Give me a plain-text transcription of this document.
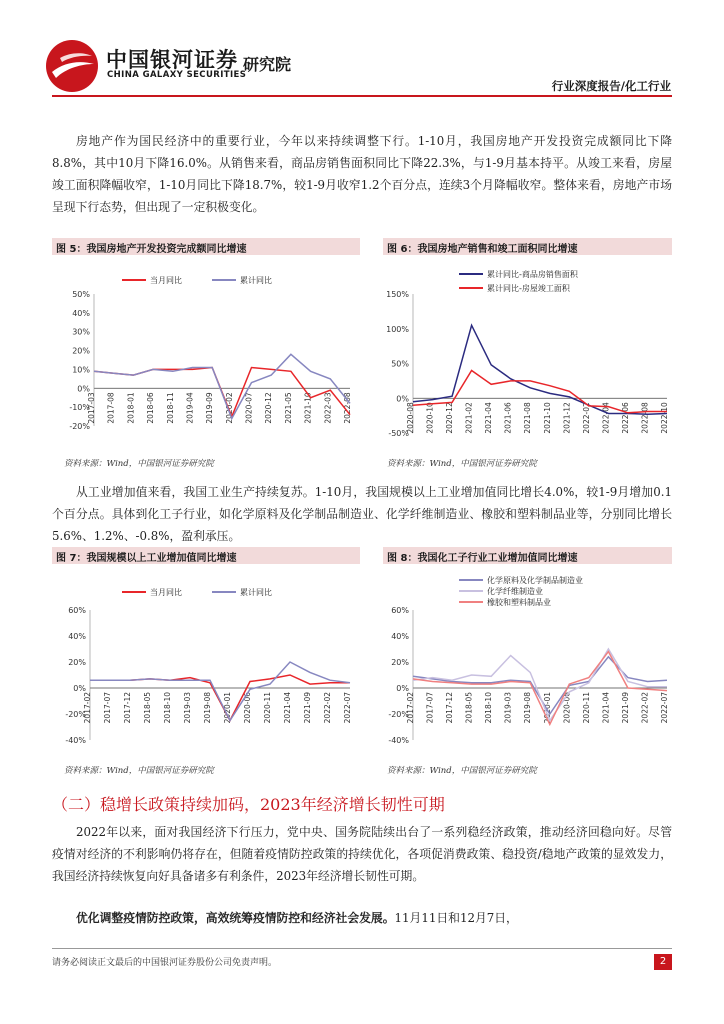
中国银河证券
CHINA GALAXY SECURITIES
研究院
行业深度报告/化工行业
房地产作为国民经济中的重要行业，今年以来持续调整下行。1-10月，我国房地产开发投资完成额同比下降8.8%，其中10月下降16.0%。从销售来看，商品房销售面积同比下降22.3%，与1-9月基本持平。从竣工来看，房屋竣工面积降幅收窄，1-10月同比下降18.7%，较1-9月收窄1.2个百分点，连续3个月降幅收窄。整体来看，房地产市场呈现下行态势，但出现了一定积极变化。
图 5：我国房地产开发投资完成额同比增速	图 6：我国房地产销售和竣工面积同比增速
-20%
-10%
0%
10%
20%
30%
40%
50%
2017-03 2017-08 2018-01 2018-06 2018-11 2019-04 2019-09 2020-02 2020-07 2020-12 2021-05 2021-10 2022-03 2022-08
当月同比	累计同比
-50%
0%
50%
100%
150%
2020-08 2020-10 2020-12 2021-02 2021-04 2021-06 2021-08 2021-10 2021-12 2022-02 2022-04 2022-06 2022-08 2022-10
累计同比-商品房销售面积
累计同比-房屋竣工面积
资料来源：Wind，中国银河证券研究院	资料来源：Wind，中国银河证券研究院
从工业增加值来看，我国工业生产持续复苏。1-10月，我国规模以上工业增加值同比增长4.0%，较1-9月增加0.1个百分点。具体到化工子行业，如化学原料及化学制品制造业、化学纤维制造业、橡胶和塑料制品业等，分别同比增长5.6%、1.2%、-0.8%，盈利承压。
图 7：我国规模以上工业增加值同比增速	图 8：我国化工子行业工业增加值同比增速
-40%
-20%
0%
20%
40%
60%
2017-02 2017-07 2017-12 2018-05 2018-10 2019-03 2019-08 2020-01 2020-06 2020-11 2021-04 2021-09 2022-02 2022-07
当月同比	累计同比
-40%
-20%
0%
20%
40%
60%
2017-02 2017-07 2017-12 2018-05 2018-10 2019-03 2019-08 2020-01 2020-06 2020-11 2021-04 2021-09 2022-02 2022-07
化学原料及化学制品制造业
化学纤维制造业
橡胶和塑料制品业
资料来源：Wind，中国银河证券研究院	资料来源：Wind，中国银河证券研究院
（二）稳增长政策持续加码，2023年经济增长韧性可期
2022年以来，面对我国经济下行压力，党中央、国务院陆续出台了一系列稳经济政策，推动经济回稳向好。尽管疫情对经济的不利影响仍将存在，但随着疫情防控政策的持续优化，各项促消费政策、稳投资/稳地产政策的显效发力，我国经济持续恢复向好具备诸多有利条件，2023年经济增长韧性可期。
优化调整疫情防控政策，高效统筹疫情防控和经济社会发展。11月11日和12月7日，
请务必阅读正文最后的中国银河证券股份公司免责声明。	2
